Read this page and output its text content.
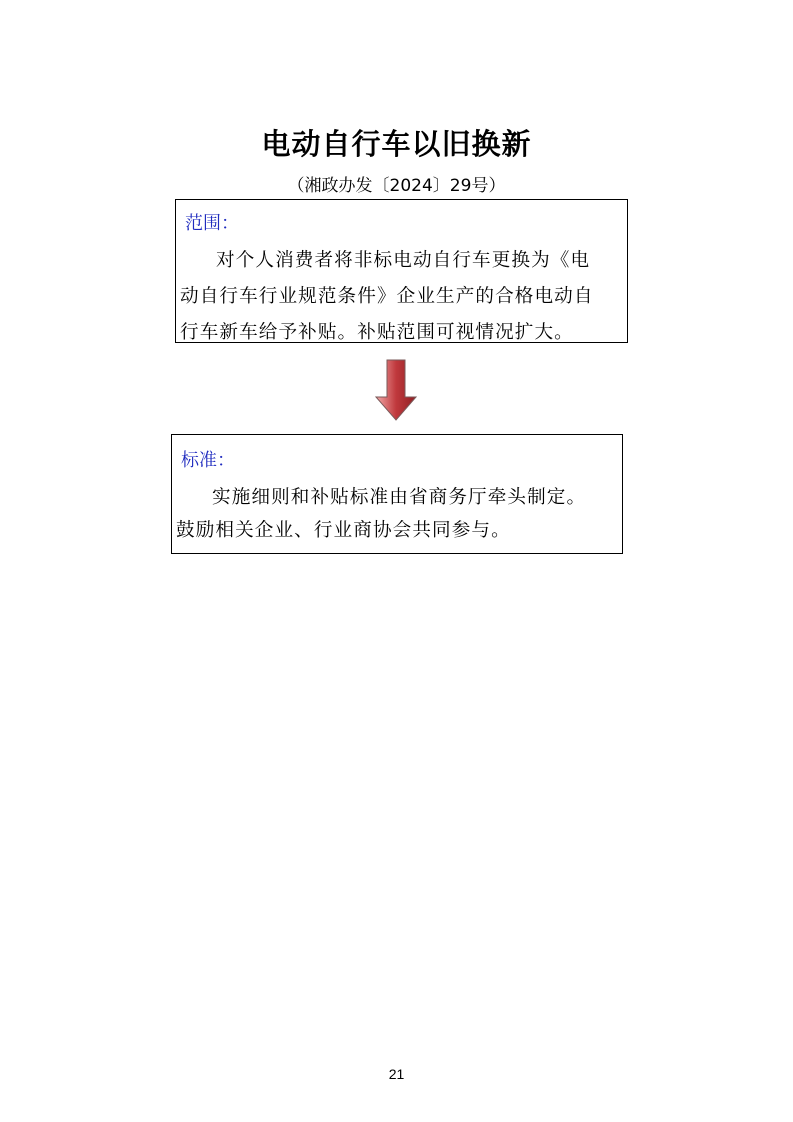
电动自行车以旧换新
（湘政办发〔2024〕29号）
范围：
对个人消费者将非标电动自行车更换为《电
动自行车行业规范条件》企业生产的合格电动自
行车新车给予补贴。补贴范围可视情况扩大。
标准：
实施细则和补贴标准由省商务厅牵头制定。
鼓励相关企业、行业商协会共同参与。
21
